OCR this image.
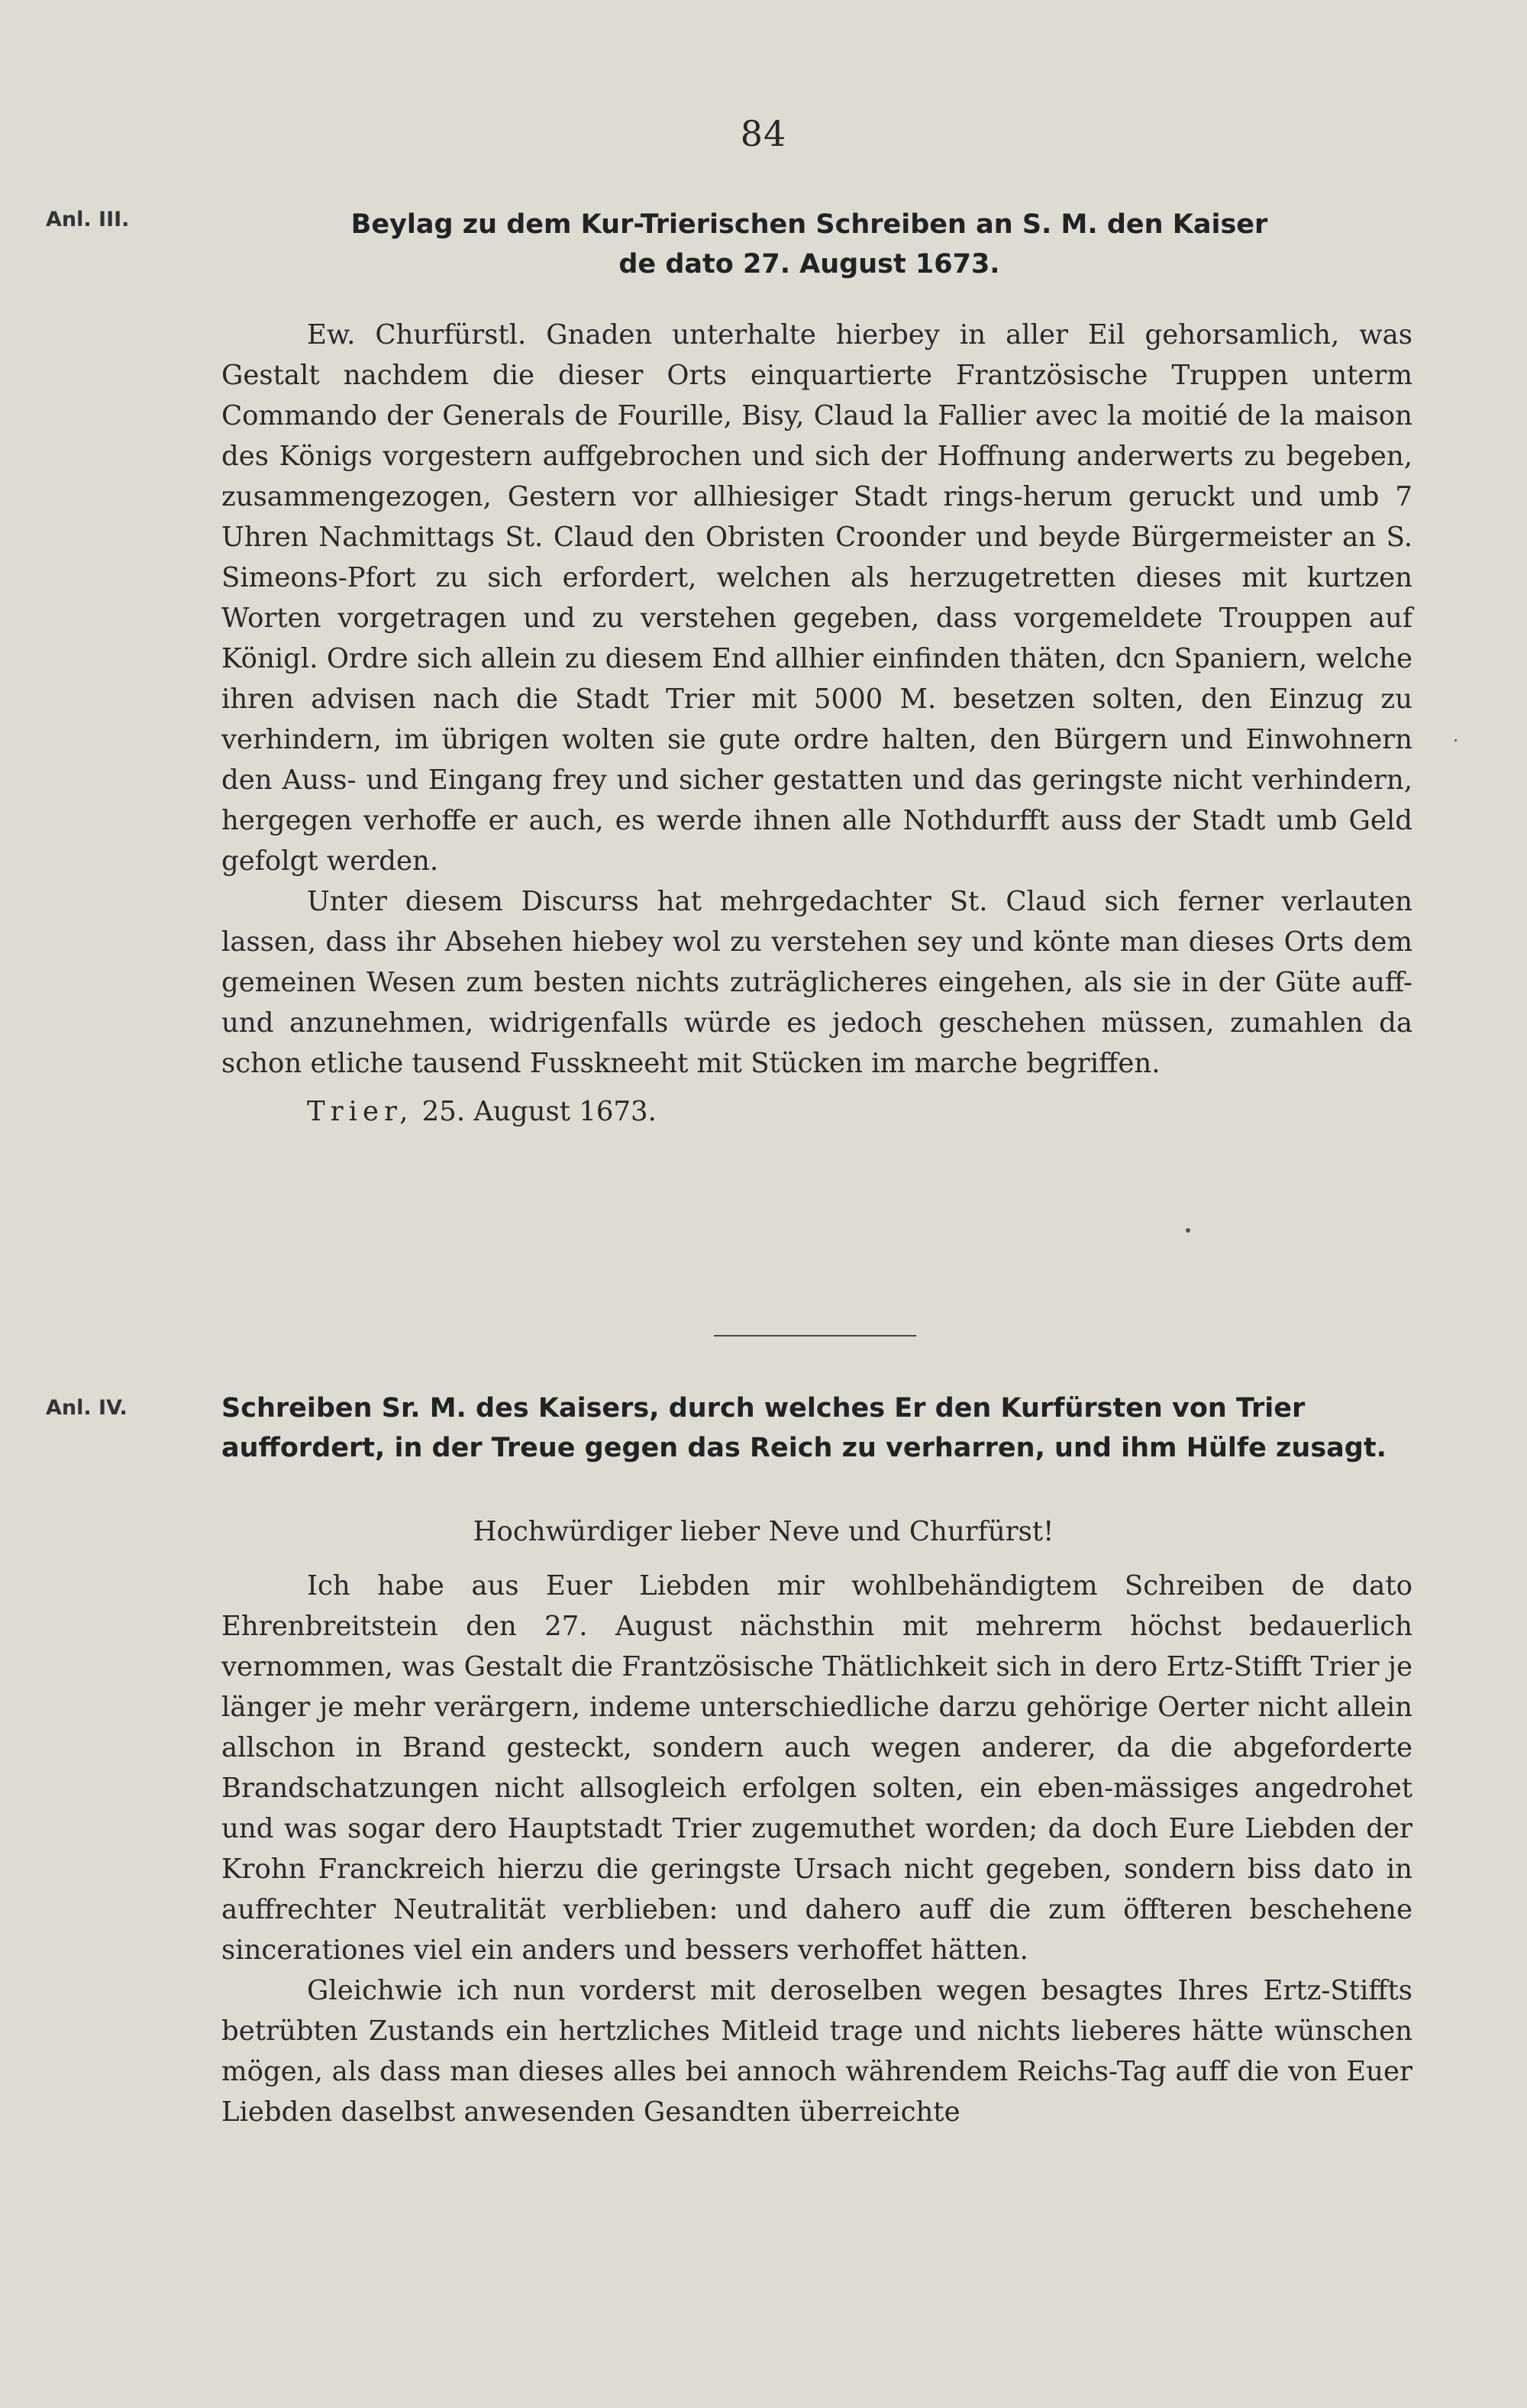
84
Anl. III.	Beylag zu dem Kur-Trierischen Schreiben an S. M. den Kaiser
de dato 27. August 1673.

Ew. Churfürstl. Gnaden unterhalte hierbey in aller Eil gehorsamlich, was Gestalt nachdem die dieser Orts einquartierte Frantzösische Truppen unterm Commando der Generals de Fourille, Bisy, Claud la Fallier avec la moitié de la maison des Königs vorgestern auffgebrochen und sich der Hoffnung anderwerts zu begeben, zusammengezogen, Gestern vor allhiesiger Stadt rings-herum geruckt und umb 7 Uhren Nachmittags St. Claud den Obristen Croonder und beyde Bürgermeister an S. Simeons-Pfort zu sich erfordert, welchen als herzugetretten dieses mit kurtzen Worten vorgetragen und zu verstehen gegeben, dass vorgemeldete Trouppen auf Königl. Ordre sich allein zu diesem End allhier einfinden thäten, dcn Spaniern, welche ihren advisen nach die Stadt Trier mit 5000 M. besetzen solten, den Einzug zu verhindern, im übrigen wolten sie gute ordre halten, den Bürgern und Einwohnern den Auss- und Eingang frey und sicher gestatten und das geringste nicht verhindern, hergegen verhoffe er auch, es werde ihnen alle Nothdurfft auss der Stadt umb Geld gefolgt werden.

Unter diesem Discurss hat mehrgedachter St. Claud sich ferner verlauten lassen, dass ihr Absehen hiebey wol zu verstehen sey und könte man dieses Orts dem gemeinen Wesen zum besten nichts zuträglicheres eingehen, als sie in der Güte auff- und anzunehmen, widrigenfalls würde es jedoch geschehen müssen, zumahlen da schon etliche tausend Fusskneeht mit Stücken im marche begriffen.

Trier, 25. August 1673.
Anl. IV.	Schreiben Sr. M. des Kaisers, durch welches Er den Kurfürsten von Trier
auffordert, in der Treue gegen das Reich zu verharren, und ihm Hülfe zusagt.
Hochwürdiger lieber Neve und Churfürst!

Ich habe aus Euer Liebden mir wohlbehändigtem Schreiben de dato Ehrenbreitstein den 27. August nächsthin mit mehrerm höchst bedauerlich vernommen, was Gestalt die Frantzösische Thätlichkeit sich in dero Ertz-Stifft Trier je länger je mehr verärgern, indeme unterschiedliche darzu gehörige Oerter nicht allein allschon in Brand gesteckt, sondern auch wegen anderer, da die abgeforderte Brandschatzungen nicht allsogleich erfolgen solten, ein eben-mässiges angedrohet und was sogar dero Hauptstadt Trier zugemuthet worden; da doch Eure Liebden der Krohn Franckreich hierzu die geringste Ursach nicht gegeben, sondern biss dato in auffrechter Neutralität verblieben: und dahero auff die zum öffteren beschehene sincerationes viel ein anders und bessers verhoffet hätten.

Gleichwie ich nun vorderst mit deroselben wegen besagtes Ihres Ertz-Stiffts betrübten Zustands ein hertzliches Mitleid trage und nichts lieberes hätte wünschen mögen, als dass man dieses alles bei annoch währendem Reichs-Tag auff die von Euer Liebden daselbst anwesenden Gesandten überreichte
